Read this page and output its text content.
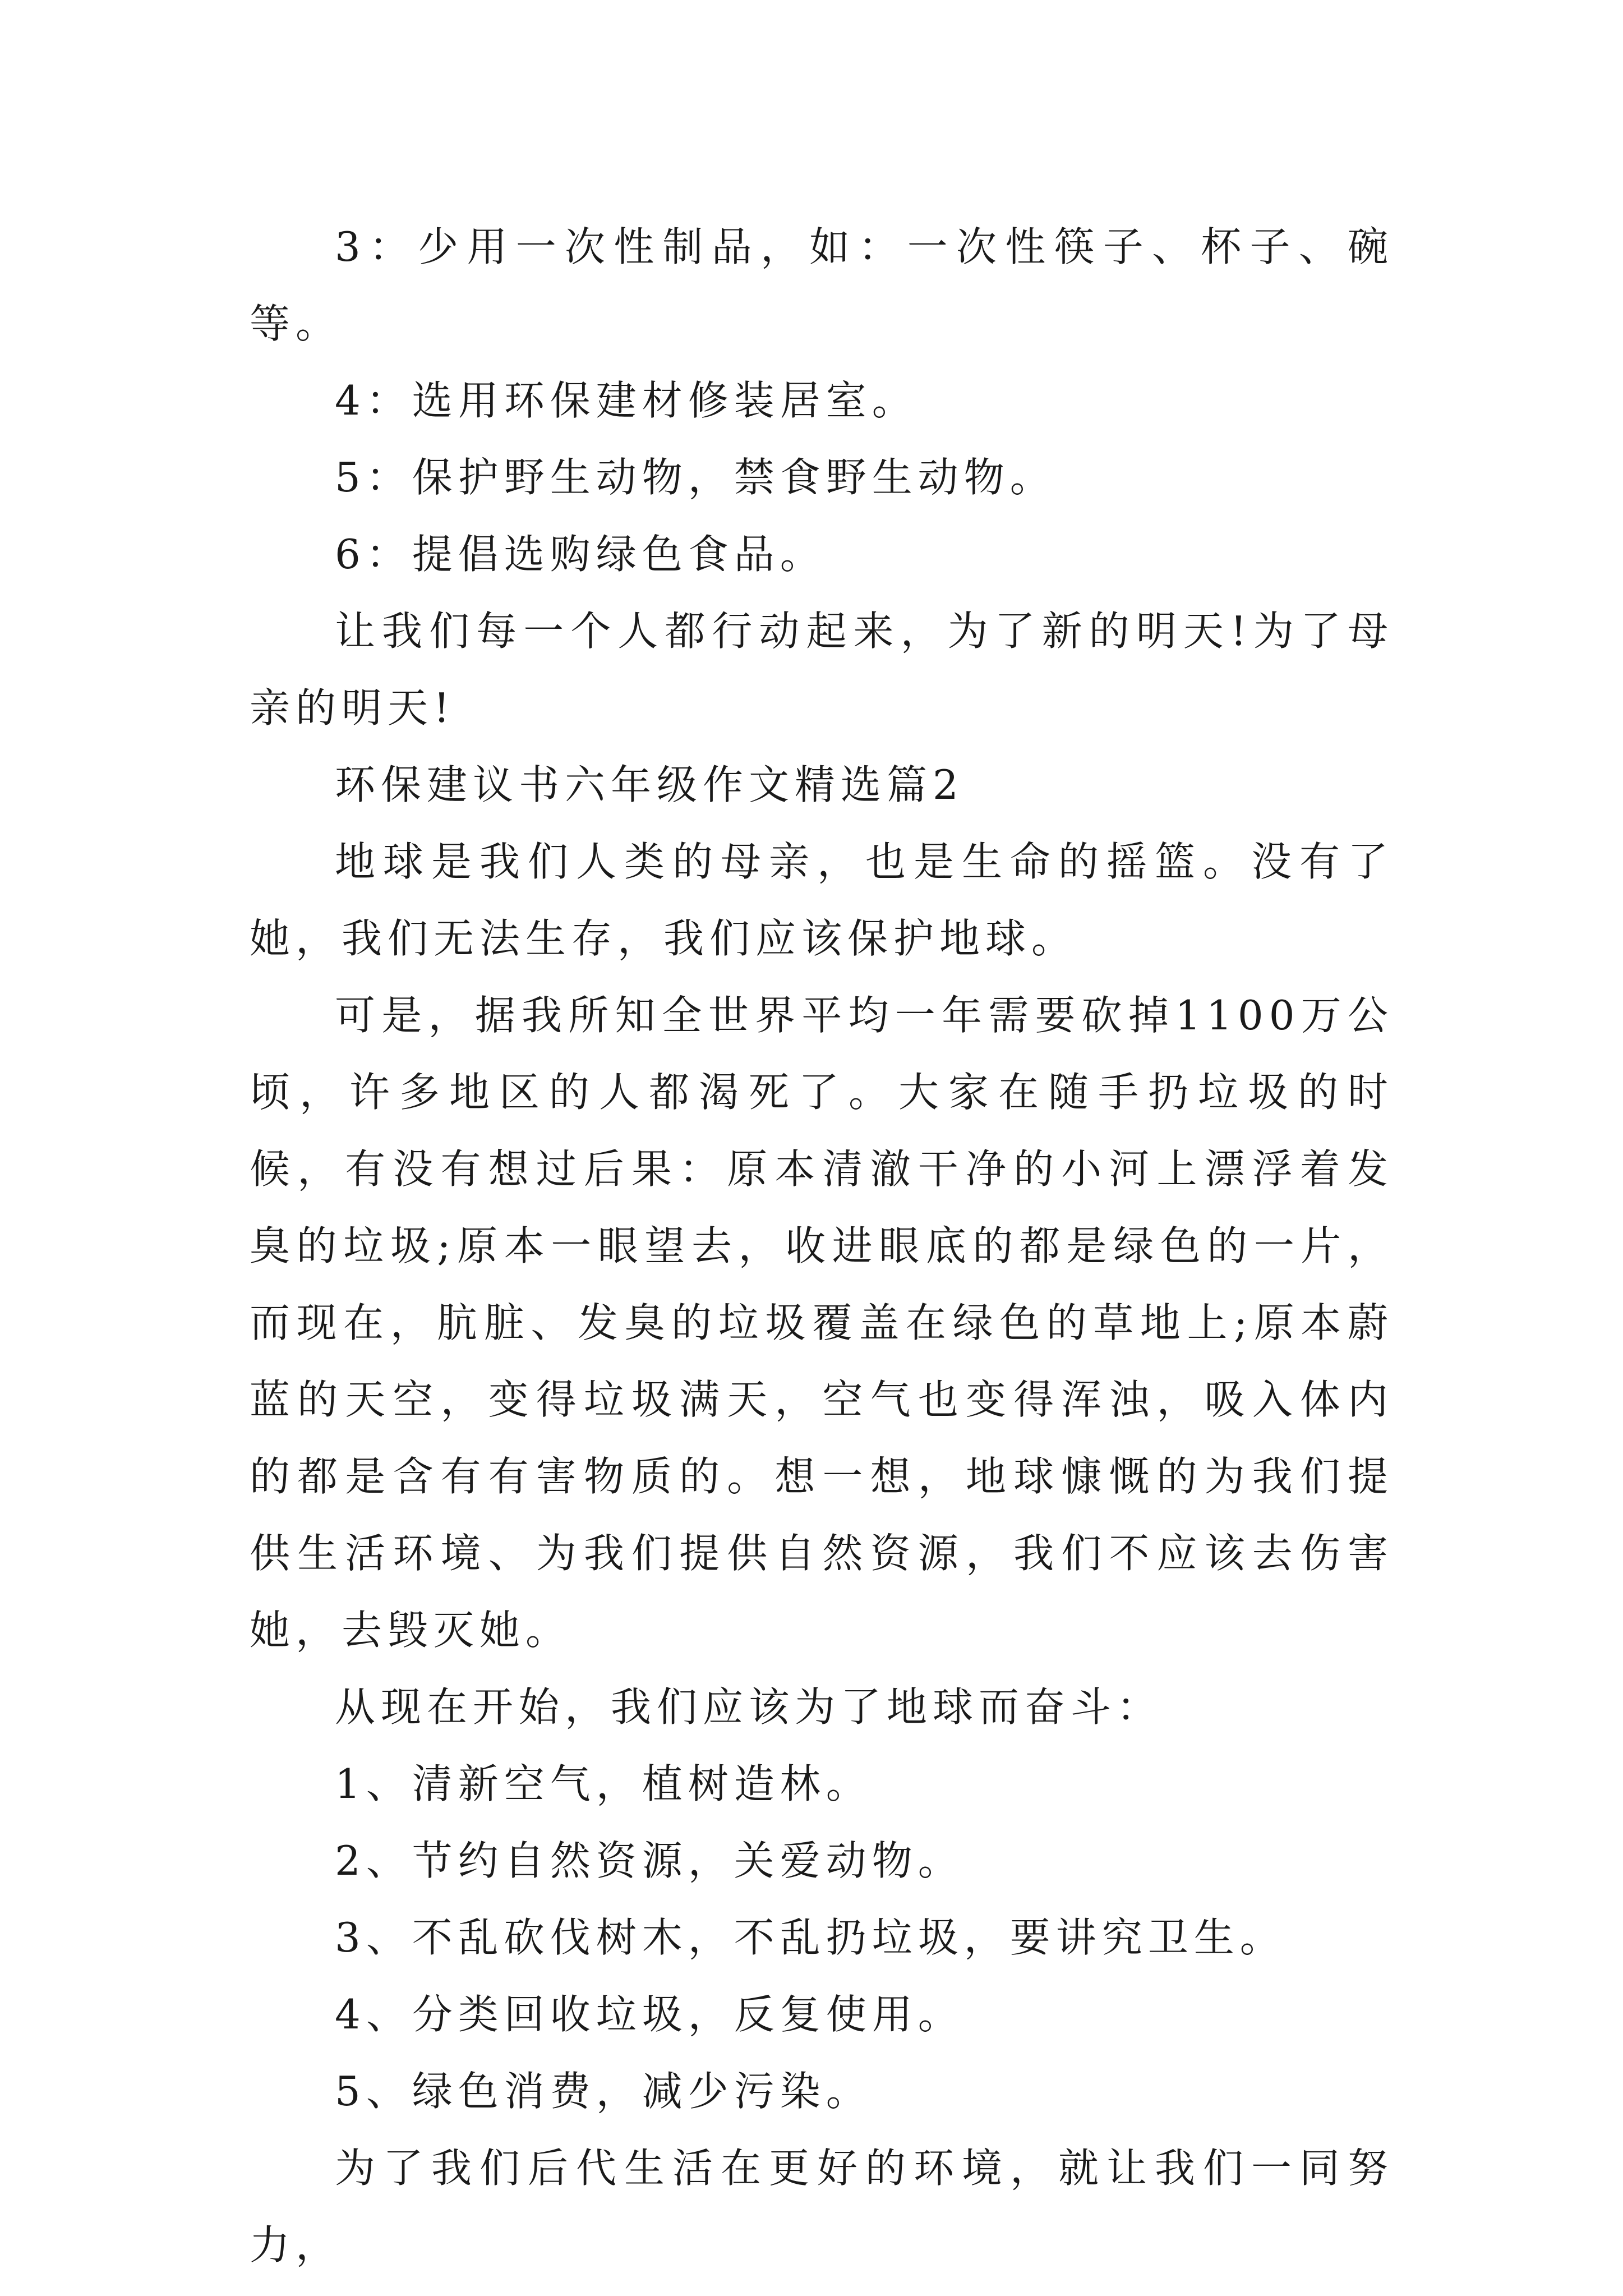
3：少用一次性制品，如：一次性筷子、杯子、碗等。

4：选用环保建材修装居室。

5：保护野生动物，禁食野生动物。

6：提倡选购绿色食品。

让我们每一个人都行动起来，为了新的明天!为了母亲的明天!

环保建议书六年级作文精选篇2

地球是我们人类的母亲，也是生命的摇篮。没有了她，我们无法生存，我们应该保护地球。

可是，据我所知全世界平均一年需要砍掉1100万公顷，许多地区的人都渴死了。大家在随手扔垃圾的时候，有没有想过后果：原本清澈干净的小河上漂浮着发臭的垃圾;原本一眼望去，收进眼底的都是绿色的一片，而现在，肮脏、发臭的垃圾覆盖在绿色的草地上;原本蔚蓝的天空，变得垃圾满天，空气也变得浑浊，吸入体内的都是含有有害物质的。想一想，地球慷慨的为我们提供生活环境、为我们提供自然资源，我们不应该去伤害她，去毁灭她。

从现在开始，我们应该为了地球而奋斗：

1、清新空气，植树造林。

2、节约自然资源，关爱动物。

3、不乱砍伐树木，不乱扔垃圾，要讲究卫生。

4、分类回收垃圾，反复使用。

5、绿色消费，减少污染。

为了我们后代生活在更好的环境，就让我们一同努力，
